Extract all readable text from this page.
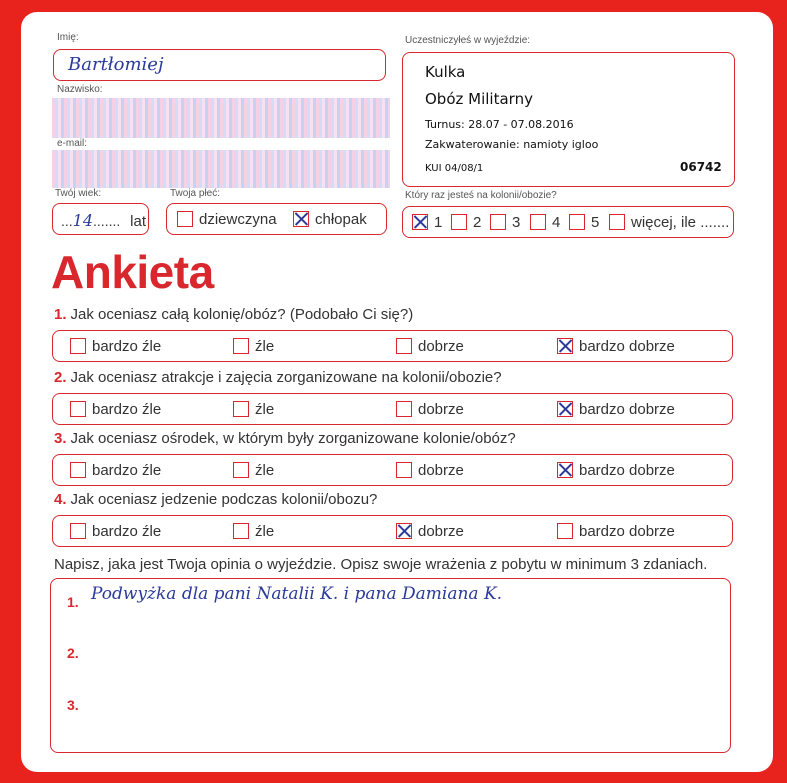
Imię:
Bartłomiej
Nazwisko:
e-mail:
Twój wiek:
...14....... lat
Twoja płeć:
dziewczyna	chłopak
Uczestniczyłeś w wyjeździe:
Kulka
Obóz Militarny
Turnus: 28.07 - 07.08.2016
Zakwaterowanie: namioty igloo
KUI 04/08/1	06742
Który raz jesteś na kolonii/obozie?
1	2	3	4	5	więcej, ile .......
Ankieta
1. Jak oceniasz całą kolonię/obóz? (Podobało Ci się?)
bardzo źle	źle	dobrze	bardzo dobrze
2. Jak oceniasz atrakcje i zajęcia zorganizowane na kolonii/obozie?
bardzo źle	źle	dobrze	bardzo dobrze
3. Jak oceniasz ośrodek, w którym były zorganizowane kolonie/obóz?
bardzo źle	źle	dobrze	bardzo dobrze
4. Jak oceniasz jedzenie podczas kolonii/obozu?
bardzo źle	źle	dobrze	bardzo dobrze
Napisz, jaka jest Twoja opinia o wyjeździe. Opisz swoje wrażenia z pobytu w minimum 3 zdaniach.
1. Podwyżka dla pani Natalii K. i pana Damiana K.
2.
3.
